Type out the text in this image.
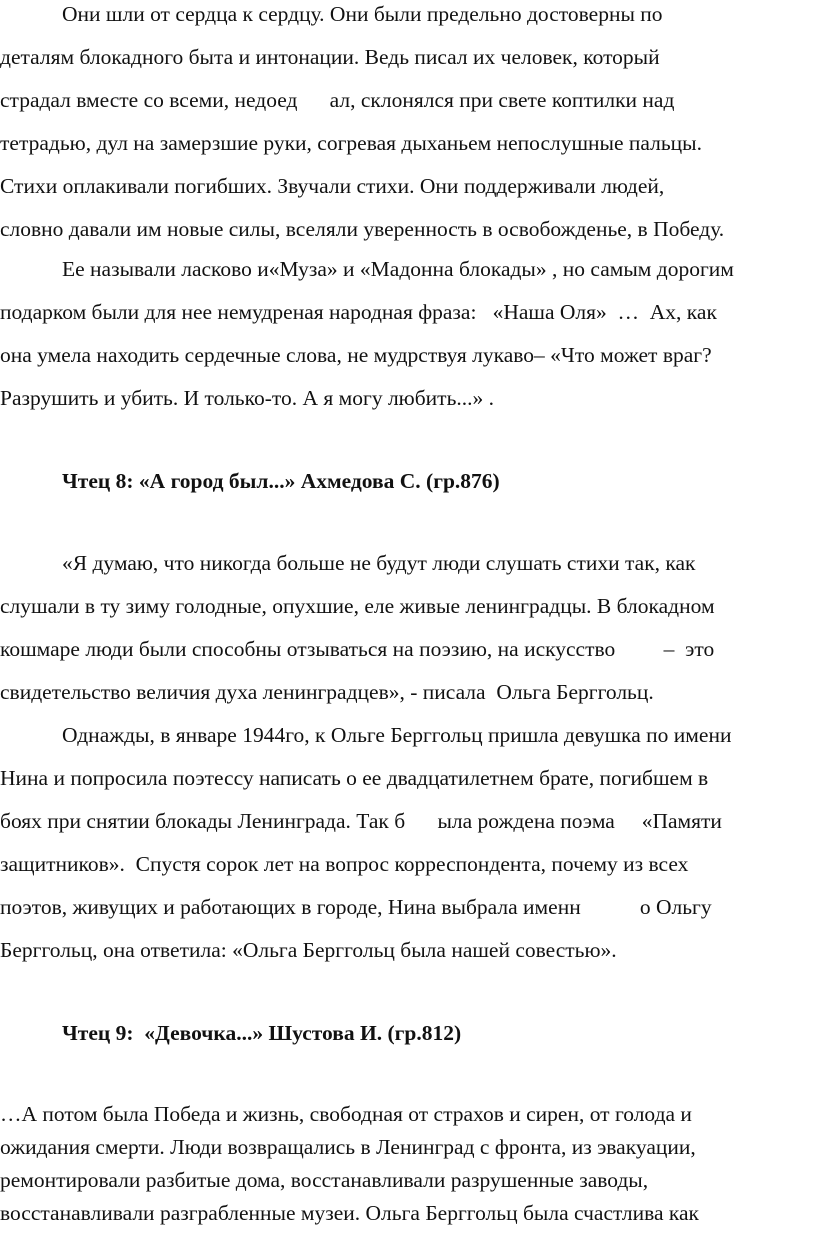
Они шли от сердца к сердцу. Они были предельно достоверны по
деталям блокадного быта и интонации. Ведь писал их человек, который
страдал вместе со всеми, недоед      ал, склонялся при свете коптилки над
тетрадью, дул на замерзшие руки, согревая дыханьем непослушные пальцы.
Стихи оплакивали погибших. Звучали стихи. Они поддерживали людей,
словно давали им новые силы, вселяли уверенность в освобожденье, в Победу.
Ее называли ласково и«Муза» и «Мадонна блокады» , но самым дорогим
подарком были для нее немудреная народная фраза:   «Наша Оля»  …  Ах, как
она умела находить сердечные слова, не мудрствуя лукаво– «Что может враг?
Разрушить и убить. И только-то. А я могу любить...» .
Чтец 8: «А город был...» Ахмедова С. (гр.876)
«Я думаю, что никогда больше не будут люди слушать стихи так, как
слушали в ту зиму голодные, опухшие, еле живые ленинградцы. В блокадном
кошмаре люди были способны отзываться на поэзию, на искусство         –  это
свидетельство величия духа ленинградцев», - писала  Ольга Берггольц.
Однажды, в январе 1944го, к Ольге Берггольц пришла девушка по имени
Нина и попросила поэтессу написать о ее двадцатилетнем брате, погибшем в
боях при снятии блокады Ленинграда. Так б      ыла рождена поэма     «Памяти
защитников».  Спустя сорок лет на вопрос корреспондента, почему из всех
поэтов, живущих и работающих в городе, Нина выбрала именн           о Ольгу
Берггольц, она ответила: «Ольга Берггольц была нашей совестью».
Чтец 9:  «Девочка...» Шустова И. (гр.812)
…А потом была Победа и жизнь, свободная от страхов и сирен, от голода и
ожидания смерти. Люди возвращались в Ленинград с фронта, из эвакуации,
ремонтировали разбитые дома, восстанавливали разрушенные заводы,
восстанавливали разграбленные музеи. Ольга Берггольц была счастлива как
